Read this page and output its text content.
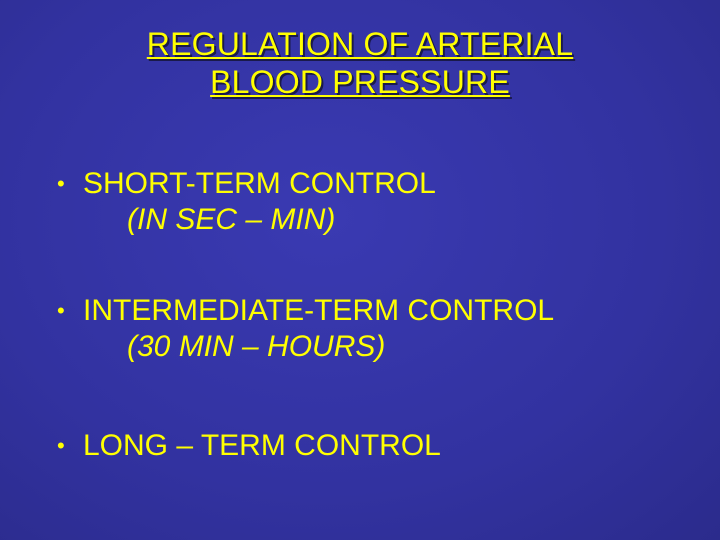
REGULATION OF ARTERIAL
BLOOD PRESSURE
• SHORT-TERM CONTROL
(IN SEC – MIN)
• INTERMEDIATE-TERM CONTROL
(30 MIN – HOURS)
• LONG – TERM CONTROL
